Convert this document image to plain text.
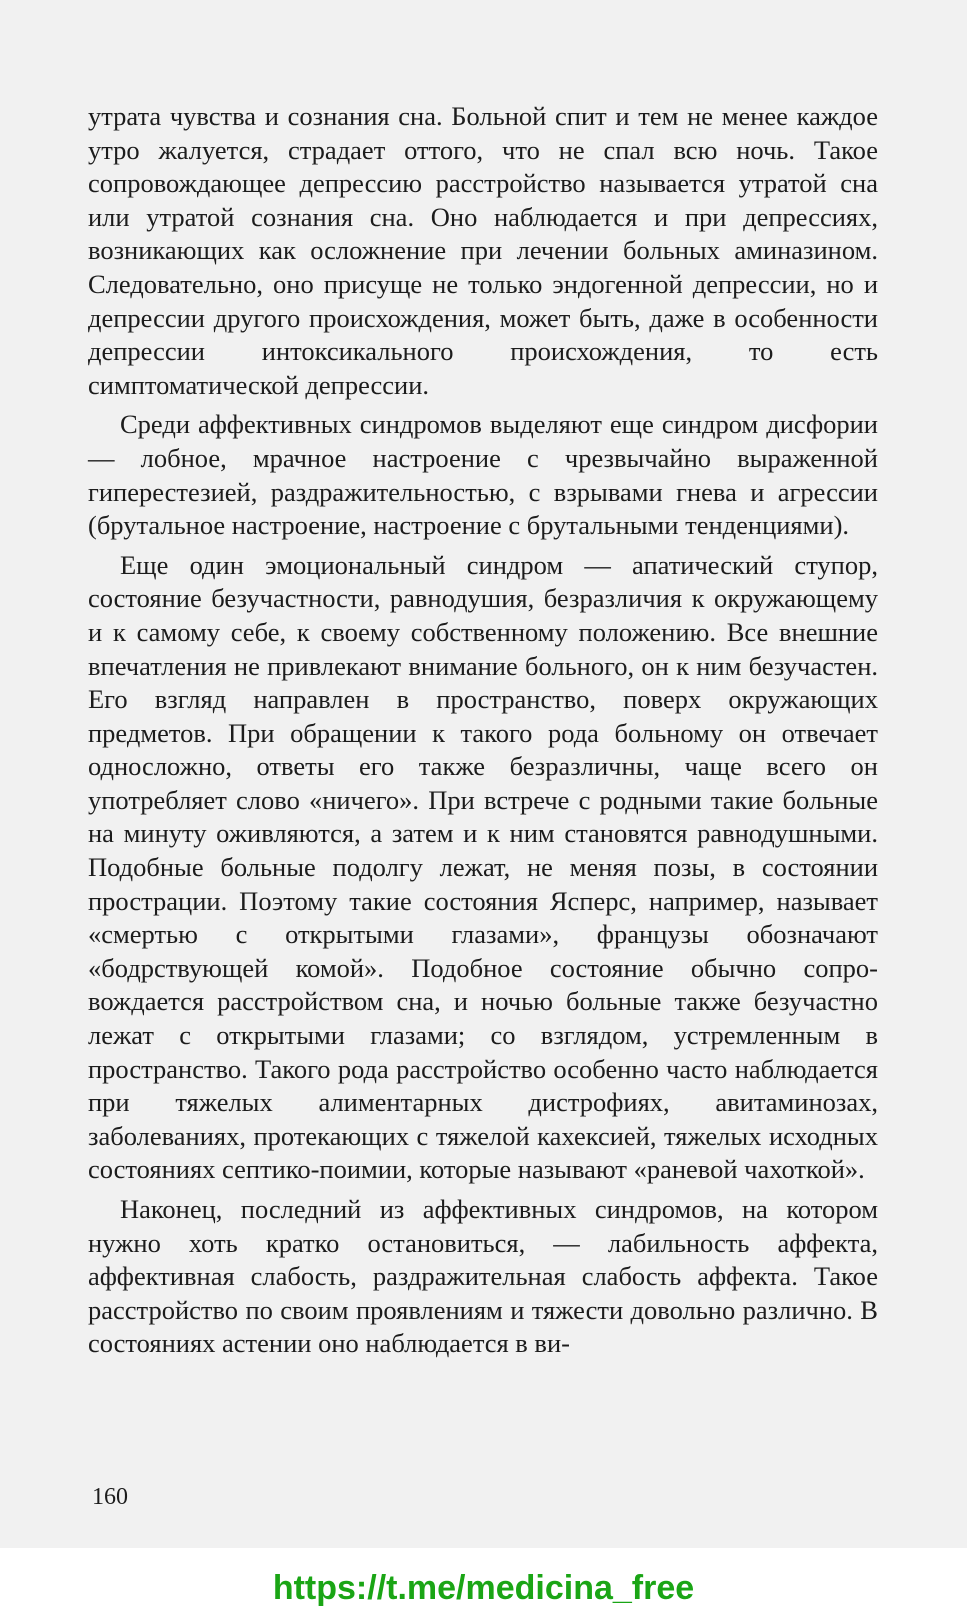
утрата чувства и сознания сна. Больной спит и тем не менее каждое утро жалуется, страдает оттого, что не спал всю ночь. Такое сопровождающее депрессию расстройство называется утратой сна или утратой сознания сна. Оно наблюдается и при депрессиях, возникающих как осложнение при лечении больных аминазином. Следовательно, оно присуще не только эндогенной депрессии, но и депрессии другого происхождения, может быть, даже в особенности депрессии интоксикального происхождения, то есть симптоматической депрессии.

Среди аффективных синдромов выделяют еще синдром дисфории — лобное, мрачное настроение с чрезвычайно выраженной гиперестезией, раздражительностью, с взрывами гнева и агрессии (брутальное настроение, настроение с брутальными тенденциями).

Еще один эмоциональный синдром — апатический ступор, состояние безучастности, равнодушия, безразличия к окружающему и к самому себе, к своему собственному положению. Все внешние впечатления не привлекают внимание больного, он к ним безучастен. Его взгляд направлен в пространство, поверх окружающих предметов. При обращении к такого рода больному он отвечает односложно, ответы его также безразличны, чаще всего он употребляет слово «ничего». При встрече с родными такие больные на минуту оживляются, а затем и к ним становятся равнодушными. Подобные больные подолгу лежат, не меняя позы, в состоянии прострации. Поэтому такие состояния Ясперс, например, называет «смертью с открытыми глазами», французы обозначают «бодрствующей комой». Подобное состояние обычно сопровождается расстройством сна, и ночью больные также безучастно лежат с открытыми глазами; со взглядом, устремленным в пространство. Такого рода расстройство особенно часто наблюдается при тяжелых алиментарных дистрофиях, авитаминозах, заболеваниях, протекающих с тяжелой кахексией, тяжелых исходных состояниях септико-поимии, которые называют «раневой чахоткой».

Наконец, последний из аффективных синдромов, на котором нужно хоть кратко остановиться, — лабильность аффекта, аффективная слабость, раздражительная слабость аффекта. Такое расстройство по своим проявлениям и тяжести довольно различно. В состояниях астении оно наблюдается в ви-

160
https://t.me/medicina_free
